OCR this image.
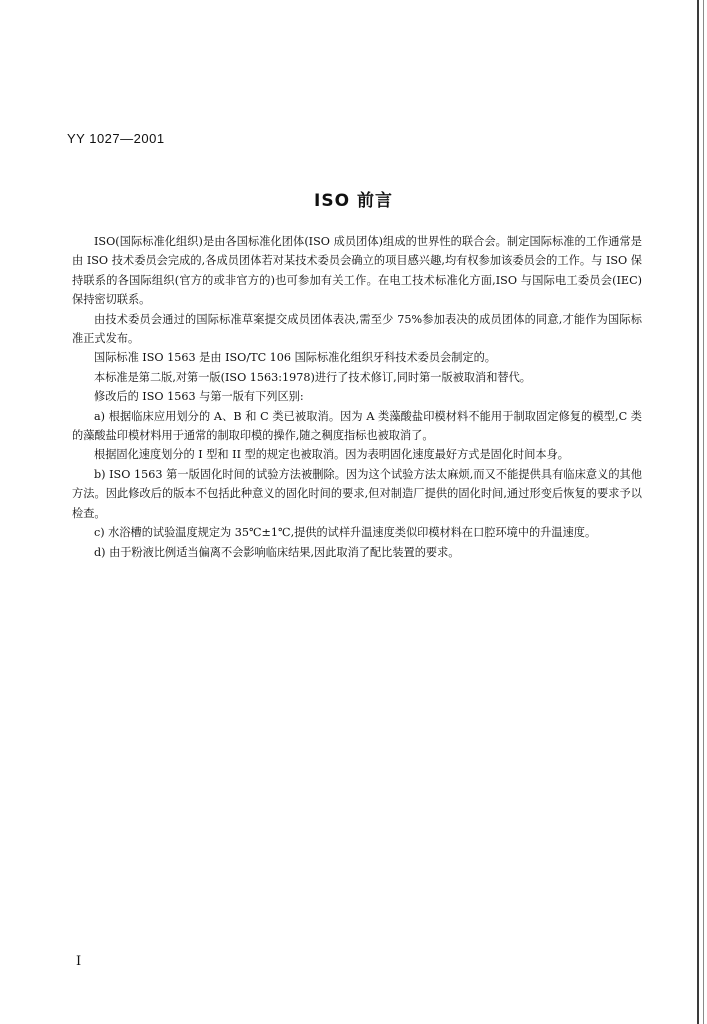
YY 1027—2001
ISO 前言

ISO(国际标准化组织)是由各国标准化团体(ISO 成员团体)组成的世界性的联合会。制定国际标准的工作通常是由 ISO 技术委员会完成的,各成员团体若对某技术委员会确立的项目感兴趣,均有权参加该委员会的工作。与 ISO 保持联系的各国际组织(官方的或非官方的)也可参加有关工作。在电工技术标准化方面,ISO 与国际电工委员会(IEC)保持密切联系。

由技术委员会通过的国际标准草案提交成员团体表决,需至少 75%参加表决的成员团体的同意,才能作为国际标准正式发布。

国际标准 ISO 1563 是由 ISO/TC 106 国际标准化组织牙科技术委员会制定的。

本标准是第二版,对第一版(ISO 1563:1978)进行了技术修订,同时第一版被取消和替代。

修改后的 ISO 1563 与第一版有下列区别:

a) 根据临床应用划分的 A、B 和 C 类已被取消。因为 A 类藻酸盐印模材料不能用于制取固定修复的模型,C 类的藻酸盐印模材料用于通常的制取印模的操作,随之稠度指标也被取消了。

根据固化速度划分的 I 型和 II 型的规定也被取消。因为表明固化速度最好方式是固化时间本身。

b) ISO 1563 第一版固化时间的试验方法被删除。因为这个试验方法太麻烦,而又不能提供具有临床意义的其他方法。因此修改后的版本不包括此种意义的固化时间的要求,但对制造厂提供的固化时间,通过形变后恢复的要求予以检查。

c) 水浴槽的试验温度规定为 35℃±1℃,提供的试样升温速度类似印模材料在口腔环境中的升温速度。

d) 由于粉液比例适当偏离不会影响临床结果,因此取消了配比装置的要求。

I
